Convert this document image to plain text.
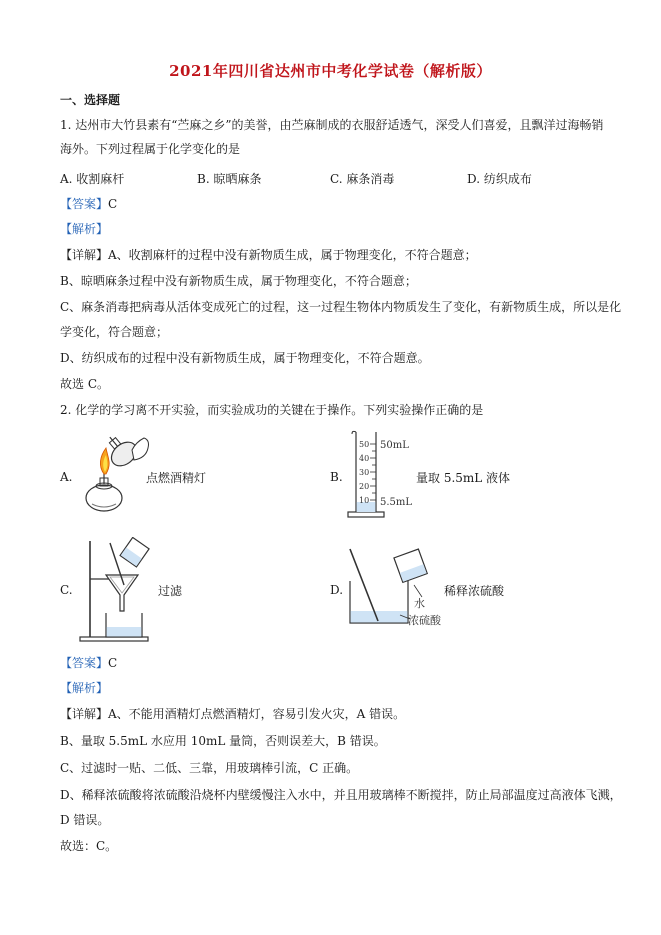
2021年四川省达州市中考化学试卷（解析版）
一、选择题
1. 达州市大竹县素有“苎麻之乡”的美誉，由苎麻制成的衣服舒适透气，深受人们喜爱，且飘洋过海畅销
海外。下列过程属于化学变化的是
A. 收割麻杆	B. 晾晒麻条	C. 麻条消毒	D. 纺织成布
【答案】C
【解析】
【详解】A、收割麻杆的过程中没有新物质生成，属于物理变化，不符合题意；
B、晾晒麻条过程中没有新物质生成，属于物理变化，不符合题意；
C、麻条消毒把病毒从活体变成死亡的过程，这一过程生物体内物质发生了变化，有新物质生成，所以是化
学变化，符合题意；
D、纺织成布的过程中没有新物质生成，属于物理变化，不符合题意。
故选 C。
2. 化学的学习离不开实验，而实验成功的关键在于操作。下列实验操作正确的是
A.	点燃酒精灯	B.
50
40
30
20
10
50mL
5.5mL
量取 5.5mL 液体
C.	过滤	D.
水
浓硫酸
稀释浓硫酸
【答案】C
【解析】
【详解】A、不能用酒精灯点燃酒精灯，容易引发火灾，A 错误。
B、量取 5.5mL 水应用 10mL 量筒，否则误差大，B 错误。
C、过滤时一贴、二低、三靠，用玻璃棒引流，C 正确。
D、稀释浓硫酸将浓硫酸沿烧杯内壁缓慢注入水中，并且用玻璃棒不断搅拌，防止局部温度过高液体飞溅，
D 错误。
故选：C。
